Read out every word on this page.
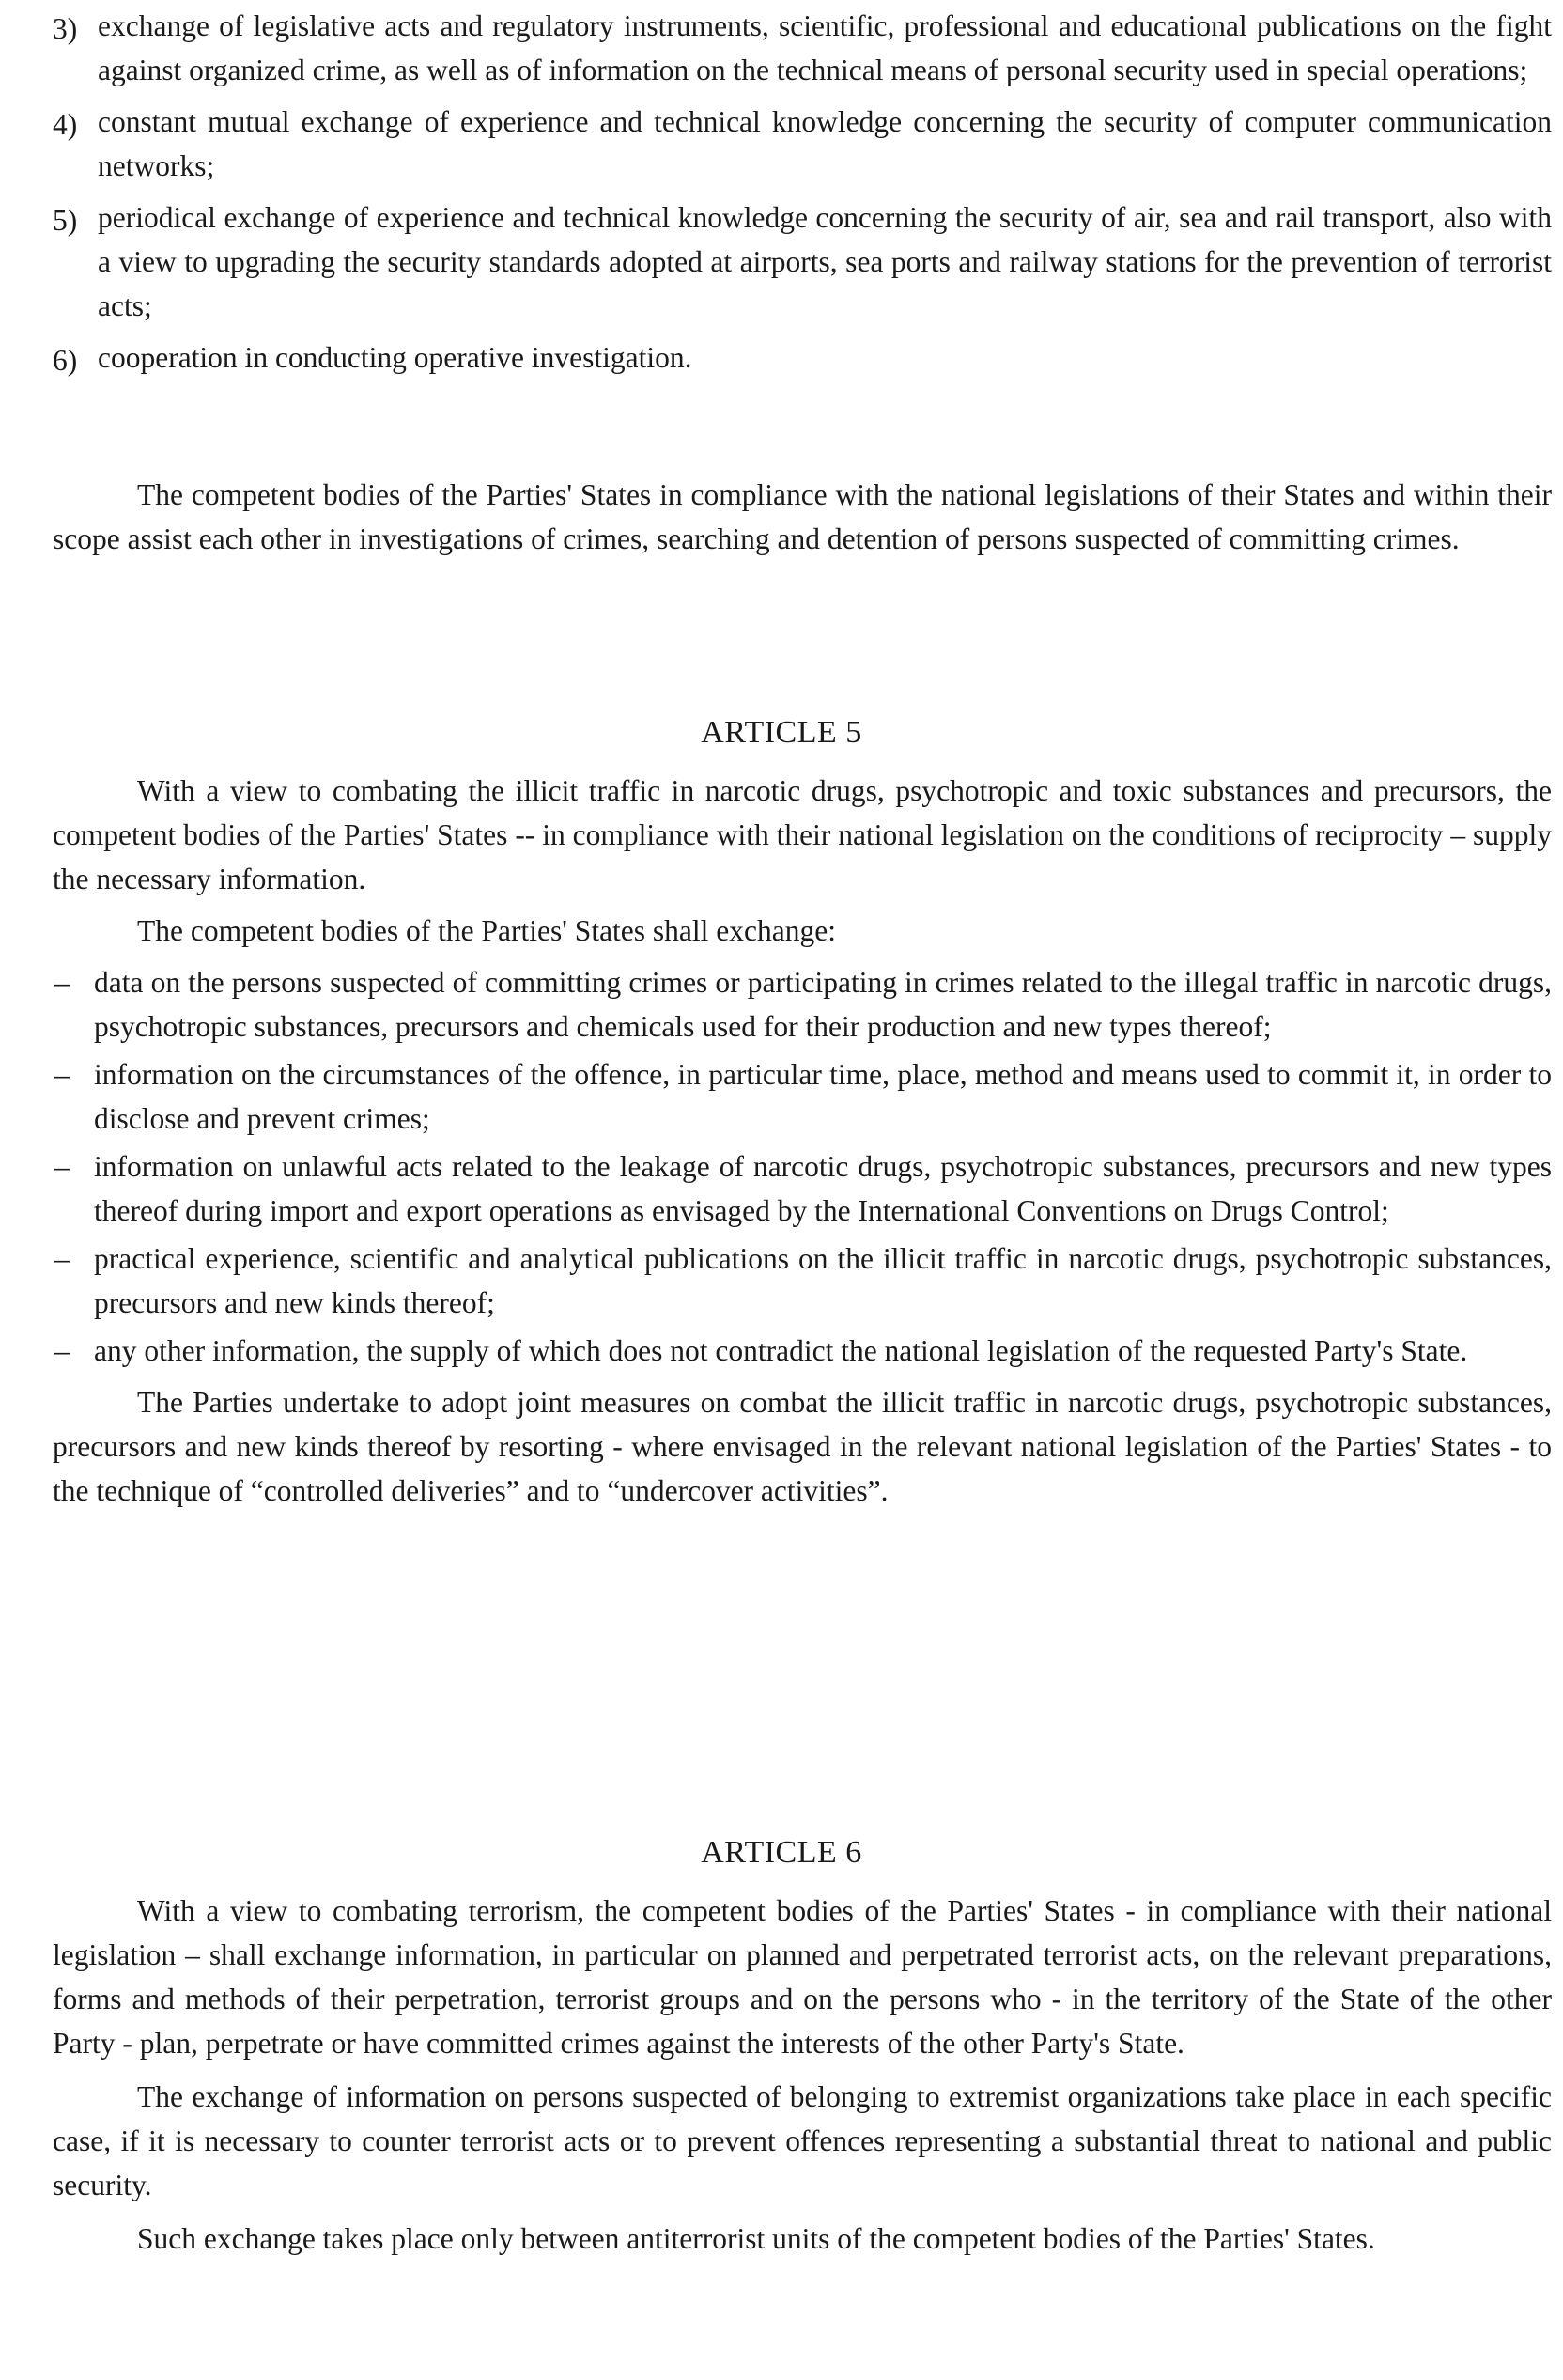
3) exchange of legislative acts and regulatory instruments, scientific, professional and educational publications on the fight against organized crime, as well as of information on the technical means of personal security used in special operations;
4) constant mutual exchange of experience and technical knowledge concerning the security of computer communication networks;
5) periodical exchange of experience and technical knowledge concerning the security of air, sea and rail transport, also with a view to upgrading the security standards adopted at airports, sea ports and railway stations for the prevention of terrorist acts;
6) cooperation in conducting operative investigation.

The competent bodies of the Parties' States in compliance with the national legislations of their States and within their scope assist each other in investigations of crimes, searching and detention of persons suspected of committing crimes.

ARTICLE 5

With a view to combating the illicit traffic in narcotic drugs, psychotropic and toxic substances and precursors, the competent bodies of the Parties' States -- in compliance with their national legislation on the conditions of reciprocity – supply the necessary information.

The competent bodies of the Parties' States shall exchange:

– data on the persons suspected of committing crimes or participating in crimes related to the illegal traffic in narcotic drugs, psychotropic substances, precursors and chemicals used for their production and new types thereof;
– information on the circumstances of the offence, in particular time, place, method and means used to commit it, in order to disclose and prevent crimes;
– information on unlawful acts related to the leakage of narcotic drugs, psychotropic substances, precursors and new types thereof during import and export operations as envisaged by the International Conventions on Drugs Control;
– practical experience, scientific and analytical publications on the illicit traffic in narcotic drugs, psychotropic substances, precursors and new kinds thereof;
– any other information, the supply of which does not contradict the national legislation of the requested Party's State.

The Parties undertake to adopt joint measures on combat the illicit traffic in narcotic drugs, psychotropic substances, precursors and new kinds thereof by resorting - where envisaged in the relevant national legislation of the Parties' States - to the technique of “controlled deliveries” and to “undercover activities”.

ARTICLE 6

With a view to combating terrorism, the competent bodies of the Parties' States - in compliance with their national legislation – shall exchange information, in particular on planned and perpetrated terrorist acts, on the relevant preparations, forms and methods of their perpetration, terrorist groups and on the persons who - in the territory of the State of the other Party - plan, perpetrate or have committed crimes against the interests of the other Party's State.

The exchange of information on persons suspected of belonging to extremist organizations take place in each specific case, if it is necessary to counter terrorist acts or to prevent offences representing a substantial threat to national and public security.

Such exchange takes place only between antiterrorist units of the competent bodies of the Parties' States.
